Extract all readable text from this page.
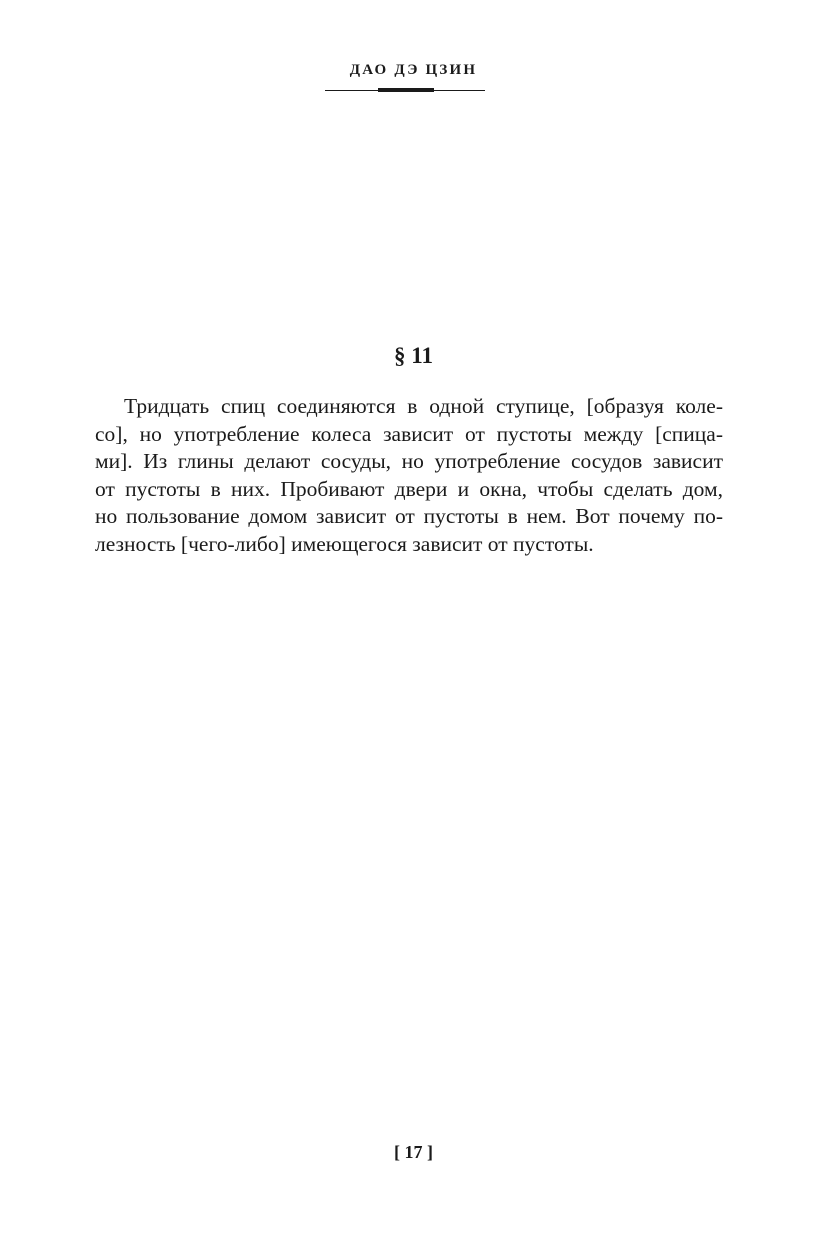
ДАО ДЭ ЦЗИН
§ 11

Тридцать спиц соединяются в одной ступице, [образуя коле-
со], но употребление колеса зависит от пустоты между [спица-
ми]. Из глины делают сосуды, но употребление сосудов зависит
от пустоты в них. Пробивают двери и окна, чтобы сделать дом,
но пользование домом зависит от пустоты в нем. Вот почему по-
лезность [чего-либо] имеющегося зависит от пустоты.

[ 17 ]
